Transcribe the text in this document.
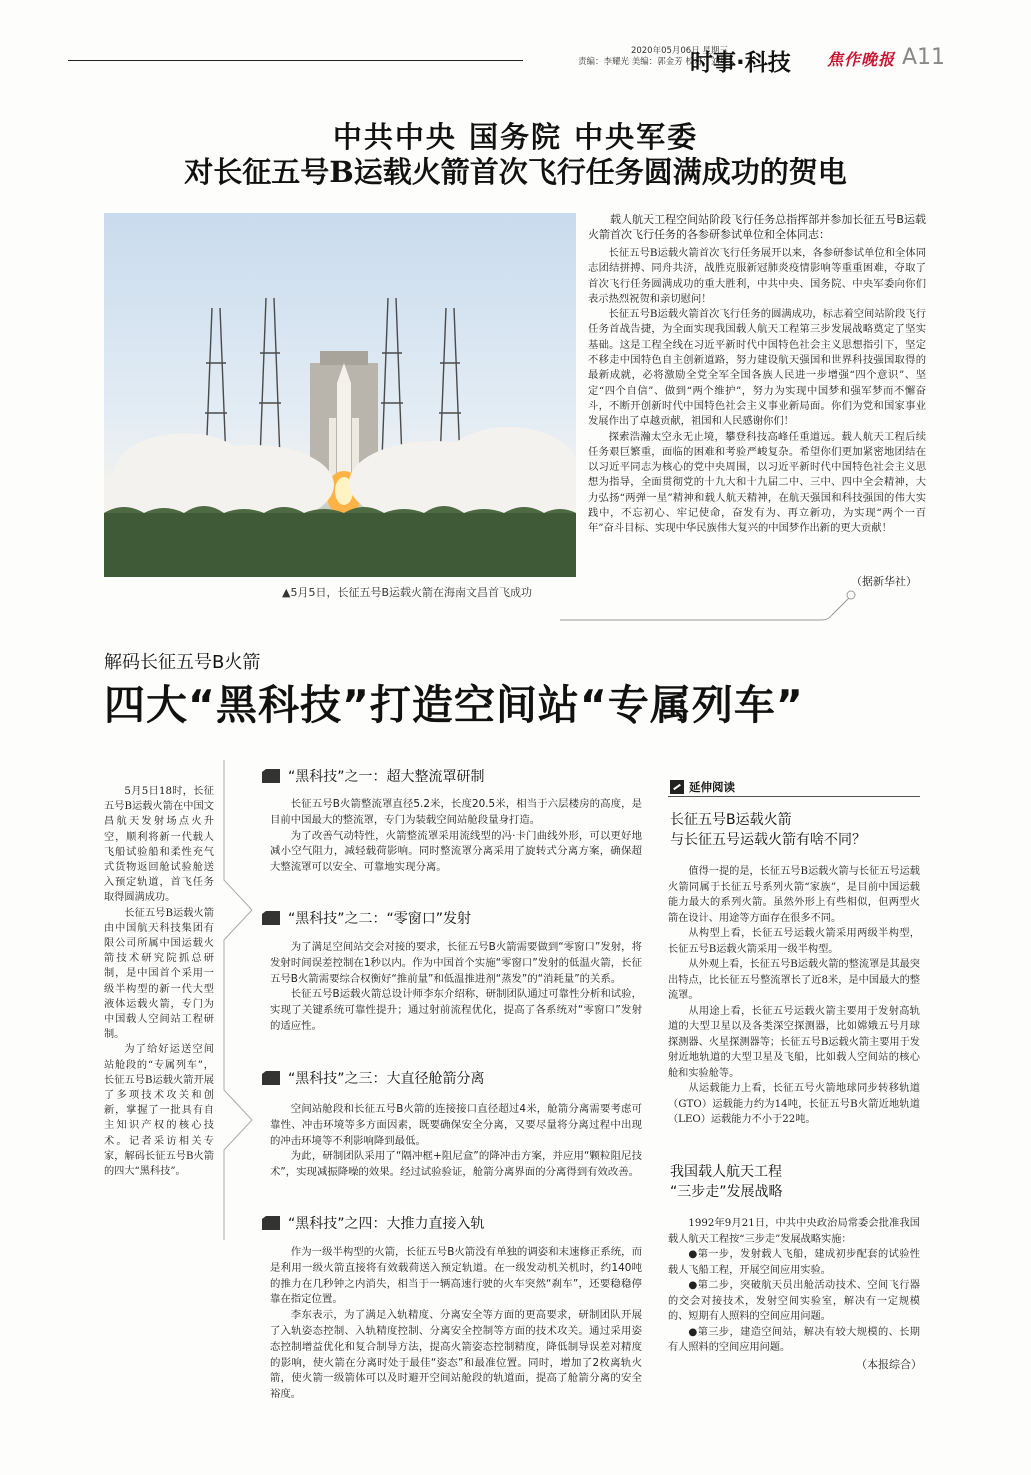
2020年05月06日 星期三
责编：李耀光 美编：郭金芳 校对：刘星
时事·科技 焦作晚报 A11
中共中央 国务院 中央军委
对长征五号B运载火箭首次飞行任务圆满成功的贺电
▲5月5日，长征五号B运载火箭在海南文昌首飞成功
载人航天工程空间站阶段飞行任务总指挥部并参加长征五号B运载火箭首次飞行任务的各参研参试单位和全体同志：

长征五号B运载火箭首次飞行任务展开以来，各参研参试单位和全体同志团结拼搏、同舟共济，战胜克服新冠肺炎疫情影响等重重困难，夺取了首次飞行任务圆满成功的重大胜利，中共中央、国务院、中央军委向你们表示热烈祝贺和亲切慰问！

长征五号B运载火箭首次飞行任务的圆满成功，标志着空间站阶段飞行任务首战告捷，为全面实现我国载人航天工程第三步发展战略奠定了坚实基础。这是工程全线在习近平新时代中国特色社会主义思想指引下，坚定不移走中国特色自主创新道路，努力建设航天强国和世界科技强国取得的最新成就，必将激励全党全军全国各族人民进一步增强“四个意识”、坚定“四个自信”、做到“两个维护”，努力为实现中国梦和强军梦而不懈奋斗，不断开创新时代中国特色社会主义事业新局面。你们为党和国家事业发展作出了卓越贡献，祖国和人民感谢你们！

探索浩瀚太空永无止境，攀登科技高峰任重道远。载人航天工程后续任务艰巨繁重，面临的困难和考验严峻复杂。希望你们更加紧密地团结在以习近平同志为核心的党中央周围，以习近平新时代中国特色社会主义思想为指导，全面贯彻党的十九大和十九届二中、三中、四中全会精神，大力弘扬“两弹一星”精神和载人航天精神，在航天强国和科技强国的伟大实践中，不忘初心、牢记使命，奋发有为、再立新功，为实现“两个一百年”奋斗目标、实现中华民族伟大复兴的中国梦作出新的更大贡献！

（据新华社）
解码长征五号B火箭
四大“黑科技”打造空间站“专属列车”

5月5日18时，长征五号B运载火箭在中国文昌航天发射场点火升空，顺利将新一代载人飞船试验船和柔性充气式货物返回舱试验舱送入预定轨道，首飞任务取得圆满成功。

长征五号B运载火箭由中国航天科技集团有限公司所属中国运载火箭技术研究院抓总研制，是中国首个采用一级半构型的新一代大型液体运载火箭，专门为中国载人空间站工程研制。

为了给好运送空间站舱段的“专属列车”，长征五号B运载火箭开展了多项技术攻关和创新，掌握了一批具有自主知识产权的核心技术。记者采访相关专家，解码长征五号B火箭的四大“黑科技”。

“黑科技”之一：超大整流罩研制

长征五号B火箭整流罩直径5.2米，长度20.5米，相当于六层楼房的高度，是目前中国最大的整流罩，专门为装载空间站舱段量身打造。

为了改善气动特性，火箭整流罩采用流线型的冯·卡门曲线外形，可以更好地减小空气阻力，减轻载荷影响。同时整流罩分离采用了旋转式分离方案，确保超大整流罩可以安全、可靠地实现分离。

“黑科技”之二：“零窗口”发射

为了满足空间站交会对接的要求，长征五号B火箭需要做到“零窗口”发射，将发射时间误差控制在1秒以内。作为中国首个实施“零窗口”发射的低温火箭，长征五号B火箭需要综合权衡好“推前量”和低温推进剂“蒸发”的“消耗量”的关系。

长征五号B运载火箭总设计师李东介绍称，研制团队通过可靠性分析和试验，实现了关键系统可靠性提升；通过射前流程优化，提高了各系统对“零窗口”发射的适应性。

“黑科技”之三：大直径舱箭分离

空间站舱段和长征五号B火箭的连接接口直径超过4米，舱箭分离需要考虑可靠性、冲击环境等多方面因素，既要确保安全分离，又要尽量将分离过程中出现的冲击环境等不利影响降到最低。

为此，研制团队采用了“隔冲框+阻尼盒”的降冲击方案，并应用“颗粒阻尼技术”，实现减振降噪的效果。经过试验验证，舱箭分离界面的分离得到有效改善。

“黑科技”之四：大推力直接入轨

作为一级半构型的火箭，长征五号B火箭没有单独的调姿和末速修正系统，而是利用一级火箭直接将有效载荷送入预定轨道。在一级发动机关机时，约140吨的推力在几秒钟之内消失，相当于一辆高速行驶的火车突然“刹车”，还要稳稳停靠在指定位置。

李东表示，为了满足入轨精度、分离安全等方面的更高要求，研制团队开展了入轨姿态控制、入轨精度控制、分离安全控制等方面的技术攻关。通过采用姿态控制增益优化和复合制导方法，提高火箭姿态控制精度，降低制导误差对精度的影响，使火箭在分离时处于最佳“姿态”和最准位置。同时，增加了2枚离轨火箭，使火箭一级箭体可以及时避开空间站舱段的轨道面，提高了舱箭分离的安全裕度。

延伸阅读
长征五号B运载火箭
与长征五号运载火箭有啥不同？

值得一提的是，长征五号B运载火箭与长征五号运载火箭同属于长征五号系列火箭“家族”，是目前中国运载能力最大的系列火箭。虽然外形上有些相似，但两型火箭在设计、用途等方面存在很多不同。

从构型上看，长征五号运载火箭采用两级半构型，长征五号B运载火箭采用一级半构型。

从外观上看，长征五号B运载火箭的整流罩是其最突出特点，比长征五号整流罩长了近8米，是中国最大的整流罩。

从用途上看，长征五号运载火箭主要用于发射高轨道的大型卫星以及各类深空探测器，比如嫦娥五号月球探测器、火星探测器等；长征五号B运载火箭主要用于发射近地轨道的大型卫星及飞船，比如载人空间站的核心舱和实验舱等。

从运载能力上看，长征五号火箭地球同步转移轨道（GTO）运载能力约为14吨，长征五号B火箭近地轨道（LEO）运载能力不小于22吨。

我国载人航天工程
“三步走”发展战略

1992年9月21日，中共中央政治局常委会批准我国载人航天工程按“三步走”发展战略实施：

●第一步，发射载人飞船，建成初步配套的试验性载人飞船工程，开展空间应用实验。

●第二步，突破航天员出舱活动技术、空间飞行器的交会对接技术，发射空间实验室，解决有一定规模的、短期有人照料的空间应用问题。

●第三步，建造空间站，解决有较大规模的、长期有人照料的空间应用问题。

（本报综合）
